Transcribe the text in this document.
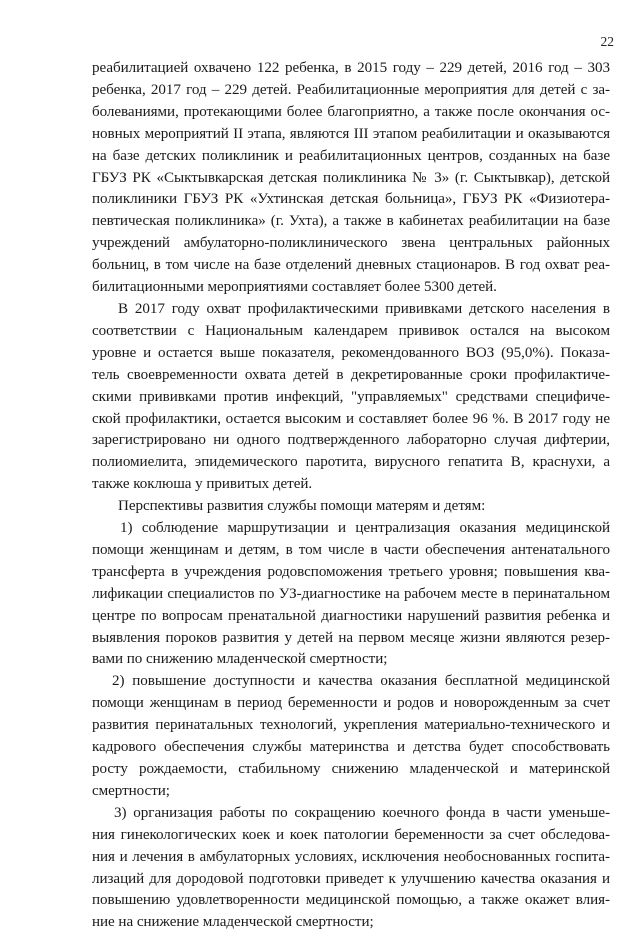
22
реабилитацией охвачено 122 ребенка, в 2015 году – 229 детей, 2016 год – 303
ребенка, 2017 год – 229 детей. Реабилитационные мероприятия для детей с за-
болеваниями, протекающими более благоприятно, а также после окончания ос-
новных мероприятий II этапа, являются III этапом реабилитации и оказываются
на базе детских поликлиник и реабилитационных центров, созданных на базе
ГБУЗ РК «Сыктывкарская детская поликлиника № 3» (г. Сыктывкар), детской
поликлиники ГБУЗ РК «Ухтинская детская больница», ГБУЗ РК «Физиотера-
певтическая поликлиника» (г. Ухта), а также в кабинетах реабилитации на базе
учреждений амбулаторно-поликлинического звена центральных районных
больниц, в том числе на базе отделений дневных стационаров. В год охват реа-
билитационными мероприятиями составляет более 5300 детей.
В 2017 году охват профилактическими прививками детского населения в
соответствии с Национальным календарем прививок остался на высоком
уровне и остается выше показателя, рекомендованного ВОЗ (95,0%). Показа-
тель своевременности охвата детей в декретированные сроки профилактиче-
скими прививками против инфекций, "управляемых" средствами специфиче-
ской профилактики, остается высоким и составляет более 96 %. В 2017 году не
зарегистрировано ни одного подтвержденного лабораторно случая дифтерии,
полиомиелита, эпидемического паротита, вирусного гепатита В, краснухи, а
также коклюша у привитых детей.
Перспективы развития службы помощи матерям и детям:
1) соблюдение маршрутизации и централизация оказания медицинской
помощи женщинам и детям, в том числе в части обеспечения антенатального
трансферта в учреждения родовспоможения третьего уровня; повышения ква-
лификации специалистов по УЗ-диагностике на рабочем месте в перинатальном
центре по вопросам пренатальной диагностики нарушений развития ребенка и
выявления пороков развития у детей на первом месяце жизни являются резер-
вами по снижению младенческой смертности;
2) повышение доступности и качества оказания бесплатной медицинской
помощи женщинам в период беременности и родов и новорожденным за счет
развития перинатальных технологий, укрепления материально-технического и
кадрового обеспечения службы материнства и детства будет способствовать
росту рождаемости, стабильному снижению младенческой и материнской
смертности;
3) организация работы по сокращению коечного фонда в части уменьше-
ния гинекологических коек и коек патологии беременности за счет обследова-
ния и лечения в амбулаторных условиях, исключения необоснованных госпита-
лизаций для дородовой подготовки приведет к улучшению качества оказания и
повышению удовлетворенности медицинской помощью, а также окажет влия-
ние на снижение младенческой смертности;
